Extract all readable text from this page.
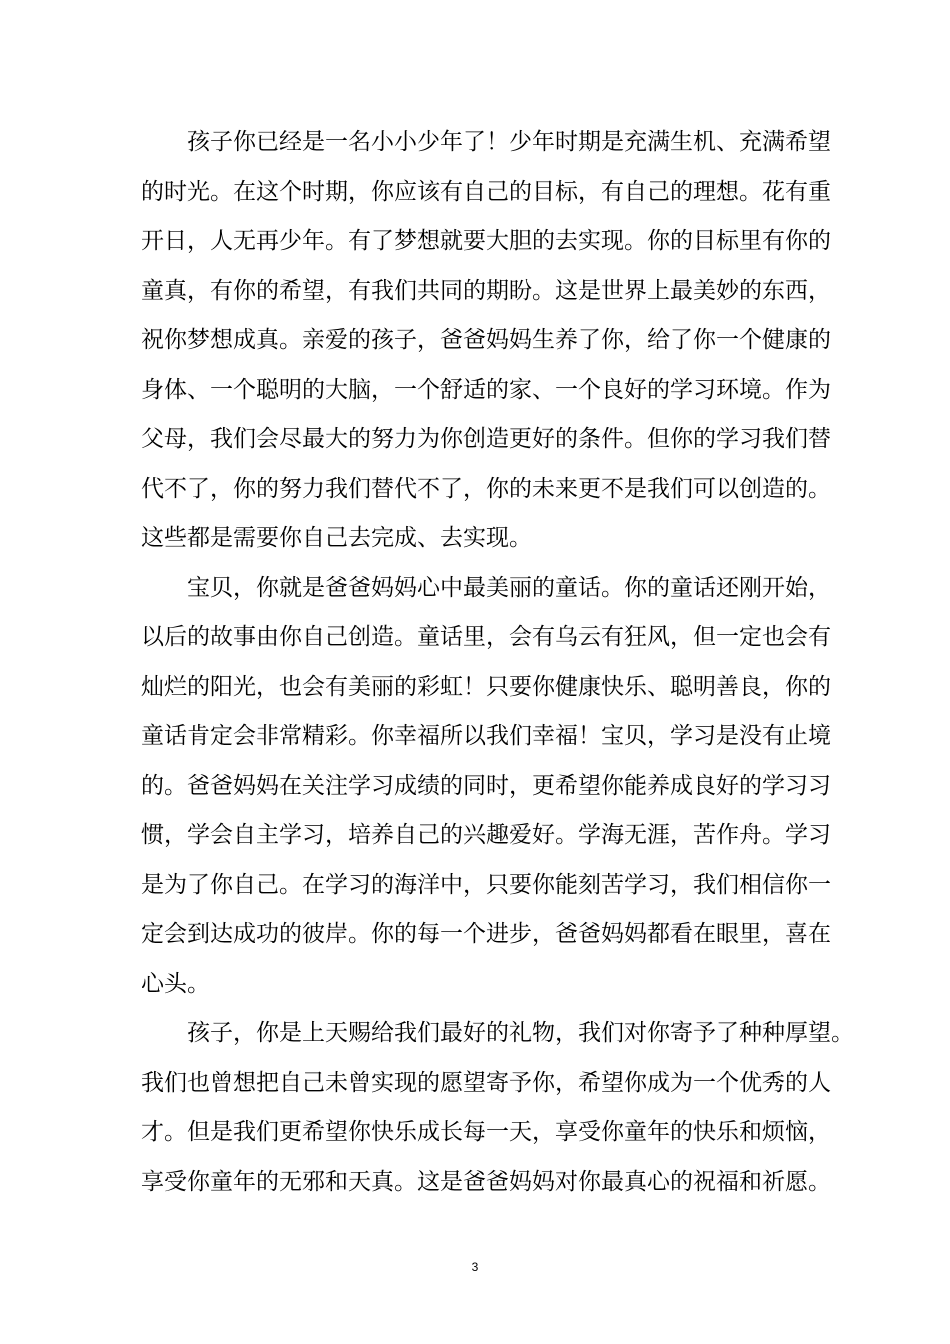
　　孩子你已经是一名小小少年了！少年时期是充满生机、充满希望
的时光。在这个时期，你应该有自己的目标，有自己的理想。花有重
开日，人无再少年。有了梦想就要大胆的去实现。你的目标里有你的
童真，有你的希望，有我们共同的期盼。这是世界上最美妙的东西，
祝你梦想成真。亲爱的孩子，爸爸妈妈生养了你，给了你一个健康的
身体、一个聪明的大脑，一个舒适的家、一个良好的学习环境。作为
父母，我们会尽最大的努力为你创造更好的条件。但你的学习我们替
代不了，你的努力我们替代不了，你的未来更不是我们可以创造的。
这些都是需要你自己去完成、去实现。
　　宝贝，你就是爸爸妈妈心中最美丽的童话。你的童话还刚开始，
以后的故事由你自己创造。童话里，会有乌云有狂风，但一定也会有
灿烂的阳光，也会有美丽的彩虹！只要你健康快乐、聪明善良，你的
童话肯定会非常精彩。你幸福所以我们幸福！宝贝，学习是没有止境
的。爸爸妈妈在关注学习成绩的同时，更希望你能养成良好的学习习
惯，学会自主学习，培养自己的兴趣爱好。学海无涯，苦作舟。学习
是为了你自己。在学习的海洋中，只要你能刻苦学习，我们相信你一
定会到达成功的彼岸。你的每一个进步，爸爸妈妈都看在眼里，喜在
心头。
　　孩子，你是上天赐给我们最好的礼物，我们对你寄予了种种厚望。
我们也曾想把自己未曾实现的愿望寄予你，希望你成为一个优秀的人
才。但是我们更希望你快乐成长每一天，享受你童年的快乐和烦恼，
享受你童年的无邪和天真。这是爸爸妈妈对你最真心的祝福和祈愿。
3
